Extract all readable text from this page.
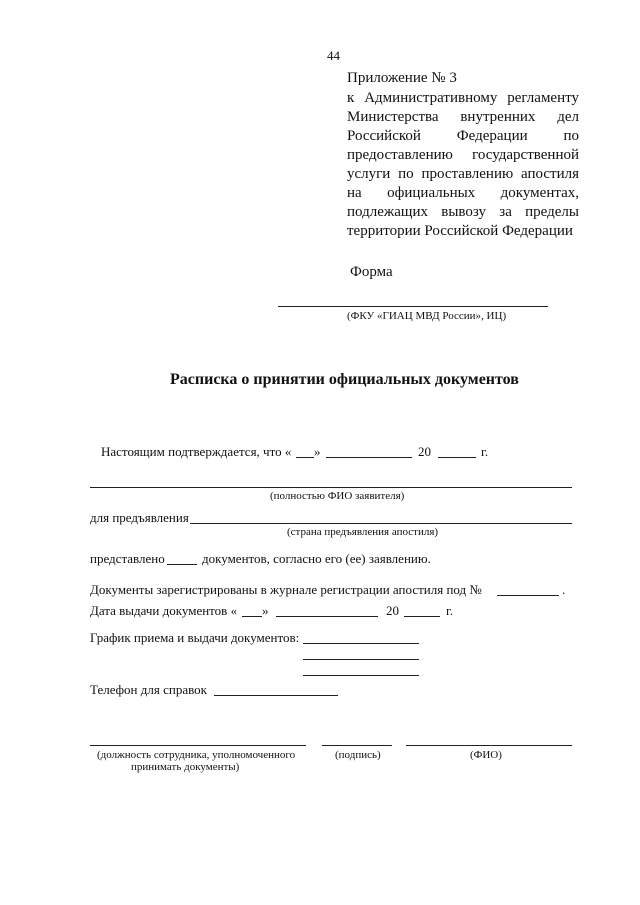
44
Приложение № 3
к Административному регламенту
Министерства внутренних дел
Российской Федерации по
предоставлению государственной
услуги по проставлению апостиля
на официальных документах,
подлежащих вывозу за пределы
территории Российской Федерации
Форма
(ФКУ «ГИАЦ МВД России», ИЦ)
Расписка о принятии официальных документов
Настоящим подтверждается, что « »	20	г.
(полностью ФИО заявителя)
для предъявления
(страна предъявления апостиля)
представлено	документов, согласно его (ее) заявлению.
Документы зарегистрированы в журнале регистрации апостиля под №	.
Дата выдачи документов « »	20	г.
График приема и выдачи документов:
Телефон для справок
(должность сотрудника, уполномоченного
принимать документы)
(подпись)	(ФИО)
